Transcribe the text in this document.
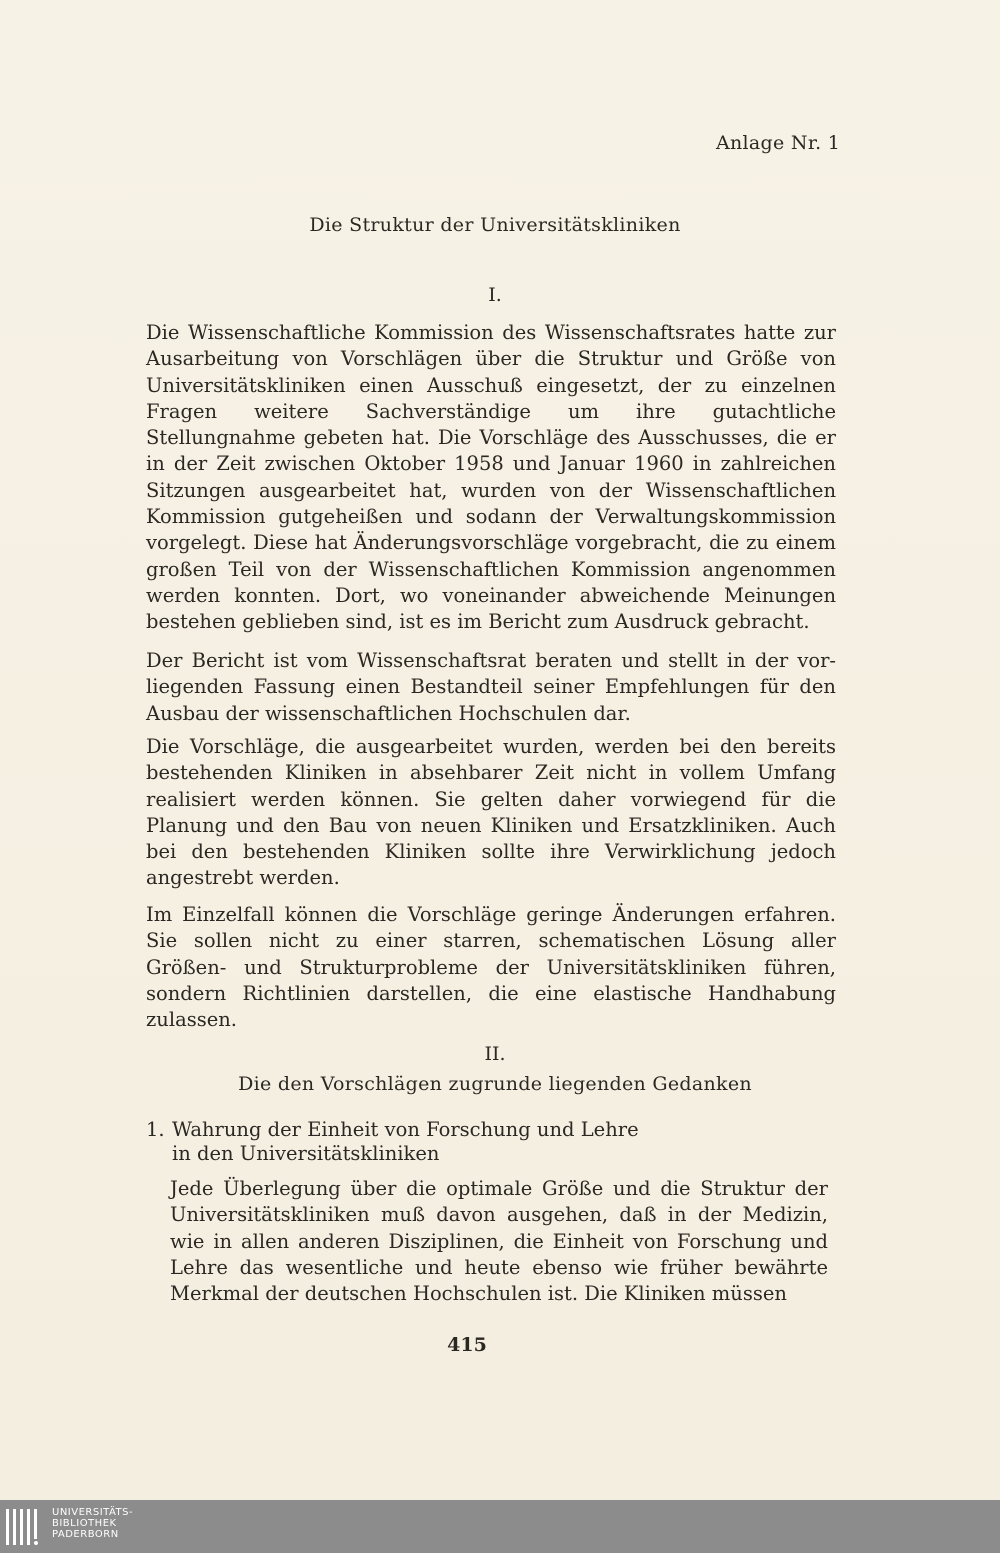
Anlage Nr. 1
Die Struktur der Universitätskliniken
I.
Die Wissenschaftliche Kommission des Wissenschaftsrates hatte zur Ausarbeitung von Vorschlägen über die Struktur und Größe von Universitätskliniken einen Ausschuß eingesetzt, der zu einzelnen Fragen weitere Sachverständige um ihre gutachtliche Stellungnahme gebeten hat. Die Vorschläge des Ausschusses, die er in der Zeit zwischen Oktober 1958 und Januar 1960 in zahlreichen Sitzungen ausgearbeitet hat, wurden von der Wissenschaftlichen Kommission gutgeheißen und sodann der Verwaltungskommission vorgelegt. Diese hat Änderungsvorschläge vorgebracht, die zu einem großen Teil von der Wissenschaftlichen Kommission angenommen werden konnten. Dort, wo voneinander abweichende Meinungen bestehen geblieben sind, ist es im Bericht zum Ausdruck gebracht.
Der Bericht ist vom Wissenschaftsrat beraten und stellt in der vorliegenden Fassung einen Bestandteil seiner Empfehlungen für den Ausbau der wissenschaftlichen Hochschulen dar.
Die Vorschläge, die ausgearbeitet wurden, werden bei den bereits bestehenden Kliniken in absehbarer Zeit nicht in vollem Umfang realisiert werden können. Sie gelten daher vorwiegend für die Planung und den Bau von neuen Kliniken und Ersatzkliniken. Auch bei den bestehenden Kliniken sollte ihre Verwirklichung jedoch angestrebt werden.
Im Einzelfall können die Vorschläge geringe Änderungen erfahren. Sie sollen nicht zu einer starren, schematischen Lösung aller Größen- und Strukturprobleme der Universitätskliniken führen, sondern Richtlinien darstellen, die eine elastische Handhabung zulassen.
II.
Die den Vorschlägen zugrunde liegenden Gedanken
1. Wahrung der Einheit von Forschung und Lehre
in den Universitätskliniken
Jede Überlegung über die optimale Größe und die Struktur der Universitätskliniken muß davon ausgehen, daß in der Medizin, wie in allen anderen Disziplinen, die Einheit von Forschung und Lehre das wesentliche und heute ebenso wie früher bewährte Merkmal der deutschen Hochschulen ist. Die Kliniken müssen
415
UNIVERSITÄTS-
BIBLIOTHEK
PADERBORN
